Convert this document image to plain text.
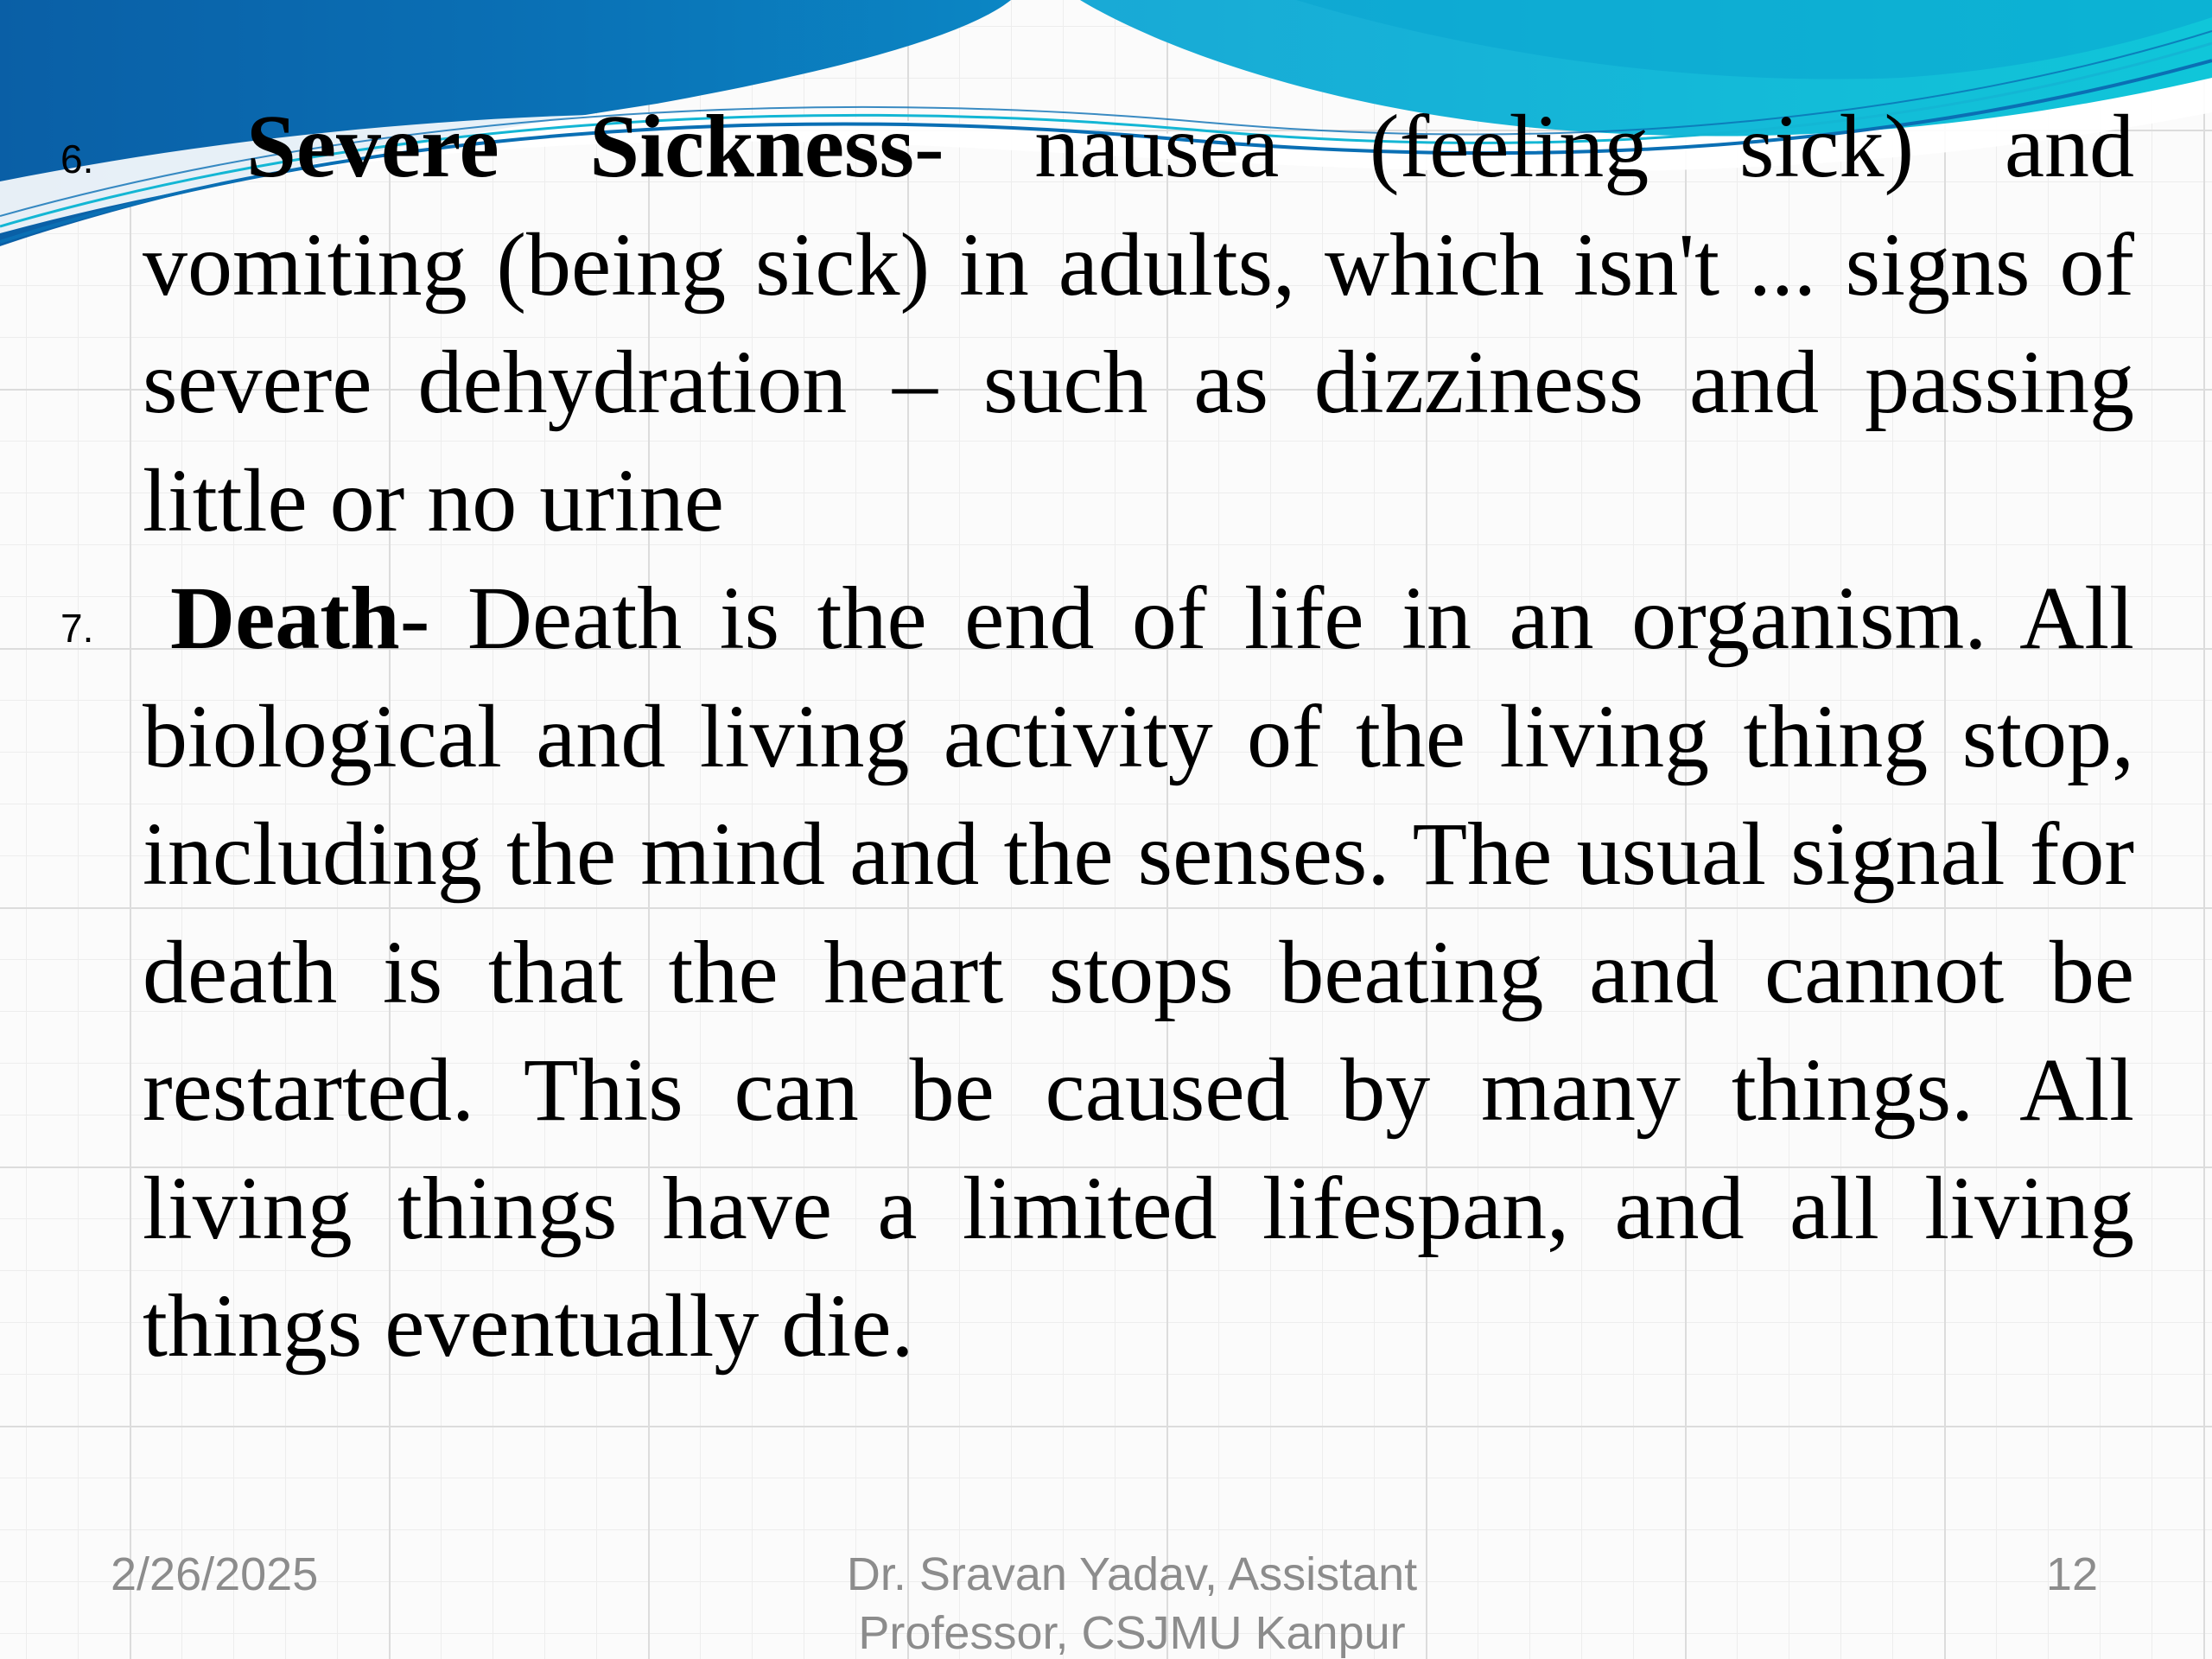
6.	Severe Sickness- nausea (feeling sick) and vomiting (being sick) in adults, which isn't ... signs of severe dehydration – such as dizziness and passing little or no urine
7. Death- Death is the end of life in an organism. All biological and living activity of the living thing stop, including the mind and the senses. The usual signal for death is that the heart stops beating and cannot be restarted. This can be caused by many things. All living things have a limited lifespan, and all living things eventually die.
2/26/2025	Dr. Sravan Yadav, Assistant Professor, CSJMU Kanpur
12
